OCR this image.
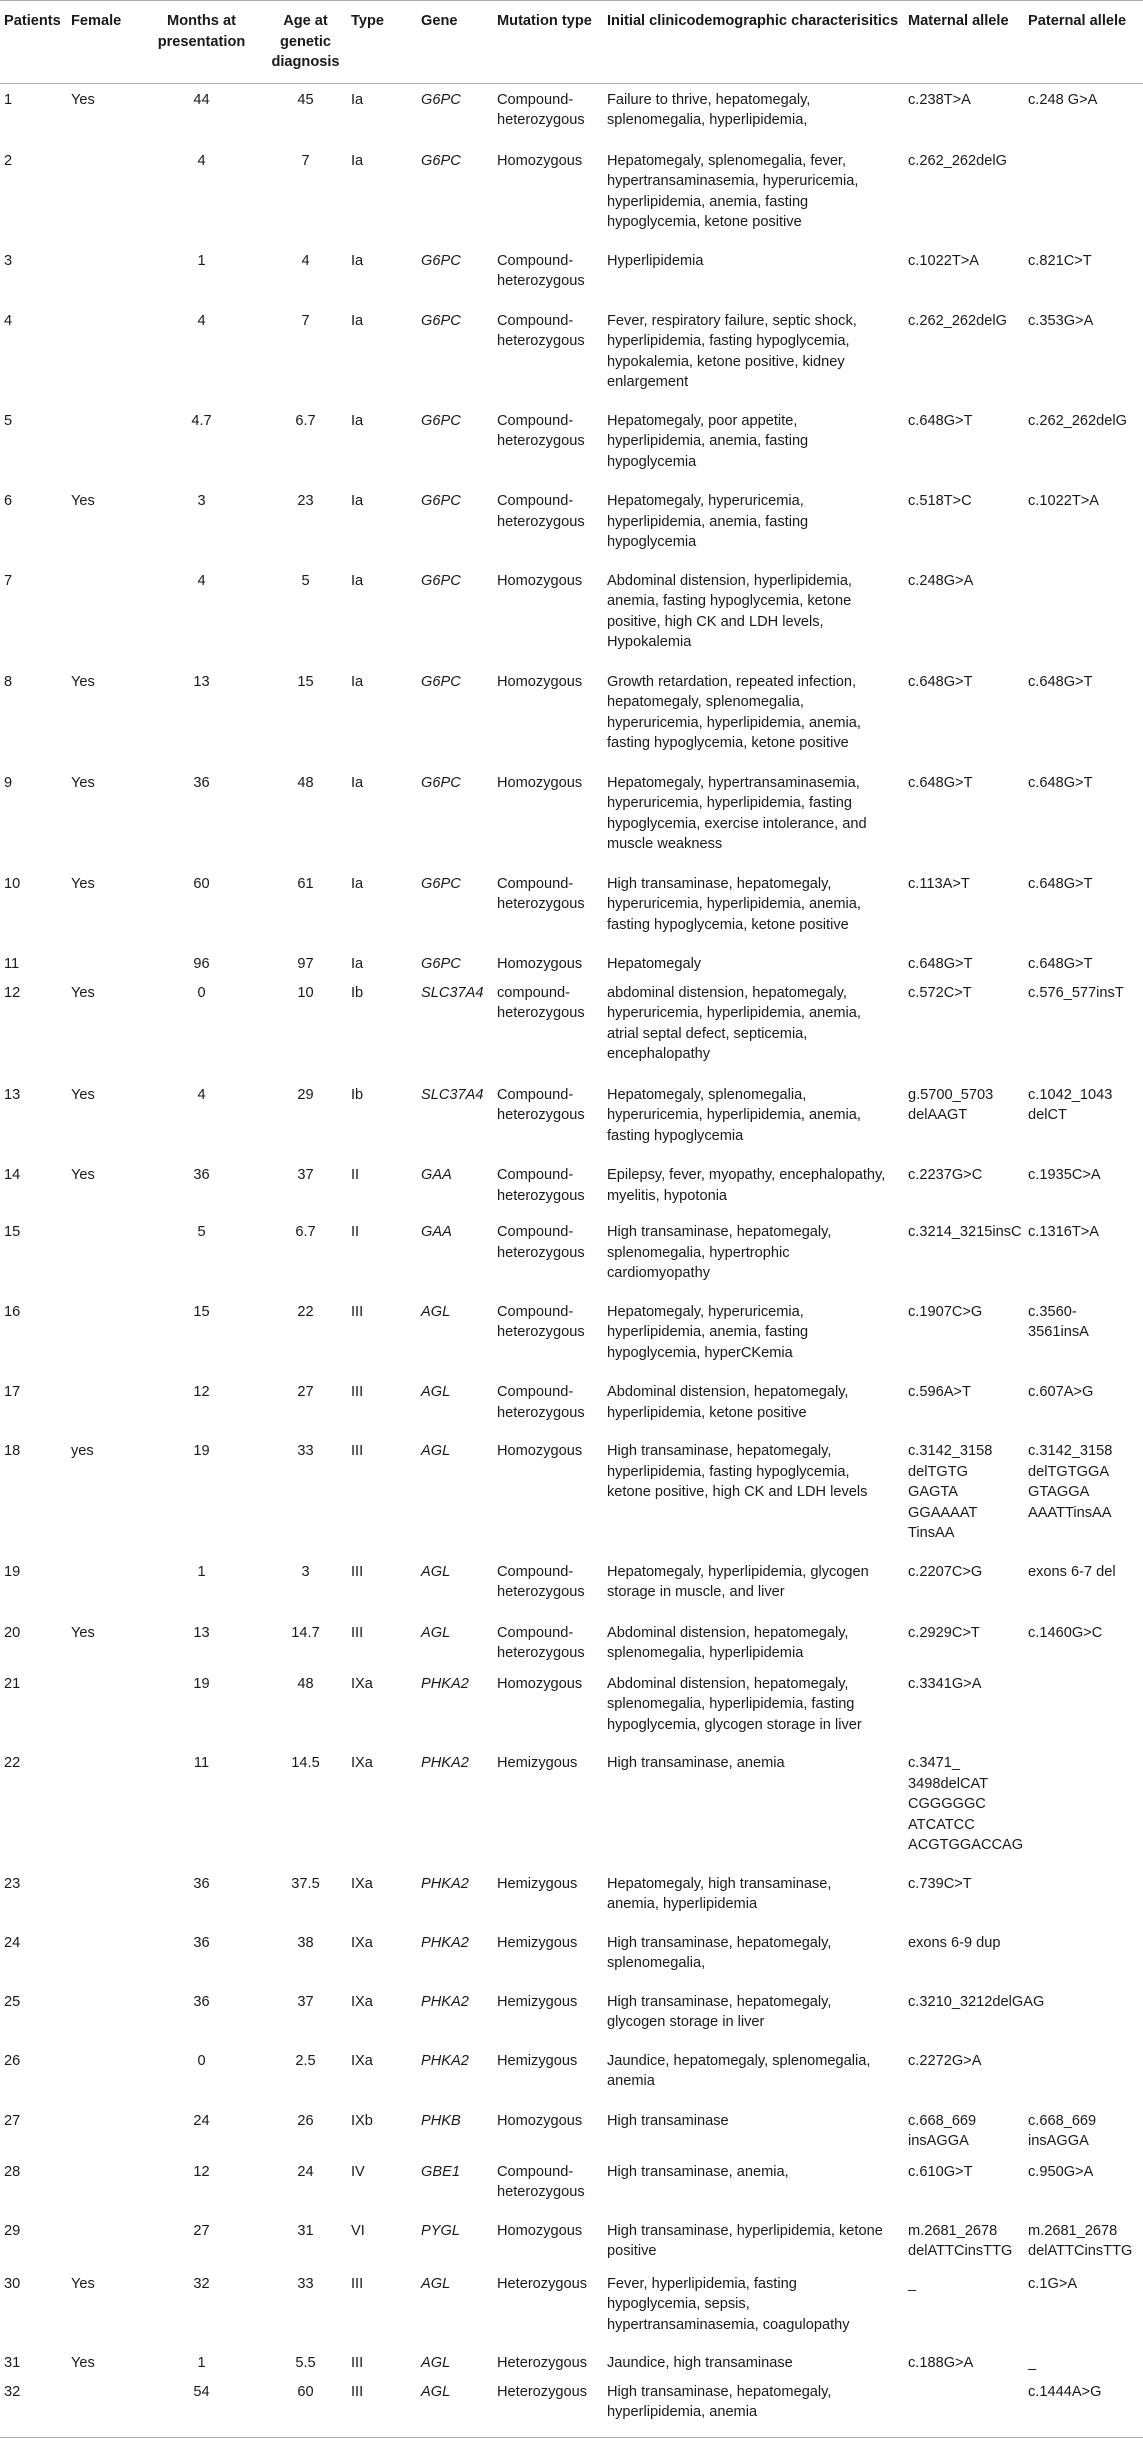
Patients	Female	Months at presentation	Age at genetic diagnosis	Type	Gene	Mutation type	Initial clinicodemographic characterisitics	Maternal allele	Paternal allele
1	Yes	44	45	Ia	G6PC	Compound-
heterozygous	Failure to thrive, hepatomegaly,
splenomegalia, hyperlipidemia,	c.238T>A	c.248 G>A
2		4	7	Ia	G6PC	Homozygous	Hepatomegaly, splenomegalia, fever,
hypertransaminasemia, hyperuricemia,
hyperlipidemia, anemia, fasting
hypoglycemia, ketone positive	c.262_262delG	
3		1	4	Ia	G6PC	Compound-
heterozygous	Hyperlipidemia	c.1022T>A	c.821C>T
4		4	7	Ia	G6PC	Compound-
heterozygous	Fever, respiratory failure, septic shock,
hyperlipidemia, fasting hypoglycemia,
hypokalemia, ketone positive, kidney
enlargement	c.262_262delG	c.353G>A
5		4.7	6.7	Ia	G6PC	Compound-
heterozygous	Hepatomegaly, poor appetite,
hyperlipidemia, anemia, fasting
hypoglycemia	c.648G>T	c.262_262delG
6	Yes	3	23	Ia	G6PC	Compound-
heterozygous	Hepatomegaly, hyperuricemia,
hyperlipidemia, anemia, fasting
hypoglycemia	c.518T>C	c.1022T>A
7		4	5	Ia	G6PC	Homozygous	Abdominal distension, hyperlipidemia,
anemia, fasting hypoglycemia, ketone
positive, high CK and LDH levels,
Hypokalemia	c.248G>A	
8	Yes	13	15	Ia	G6PC	Homozygous	Growth retardation, repeated infection,
hepatomegaly, splenomegalia,
hyperuricemia, hyperlipidemia, anemia,
fasting hypoglycemia, ketone positive	c.648G>T	c.648G>T
9	Yes	36	48	Ia	G6PC	Homozygous	Hepatomegaly, hypertransaminasemia,
hyperuricemia, hyperlipidemia, fasting
hypoglycemia, exercise intolerance, and
muscle weakness	c.648G>T	c.648G>T
10	Yes	60	61	Ia	G6PC	Compound-
heterozygous	High transaminase, hepatomegaly,
hyperuricemia, hyperlipidemia, anemia,
fasting hypoglycemia, ketone positive	c.113A>T	c.648G>T
11		96	97	Ia	G6PC	Homozygous	Hepatomegaly	c.648G>T	c.648G>T
12	Yes	0	10	Ib	SLC37A4	compound-
heterozygous	abdominal distension, hepatomegaly,
hyperuricemia, hyperlipidemia, anemia,
atrial septal defect, septicemia,
encephalopathy	c.572C>T	c.576_577insT
13	Yes	4	29	Ib	SLC37A4	Compound-
heterozygous	Hepatomegaly, splenomegalia,
hyperuricemia, hyperlipidemia, anemia,
fasting hypoglycemia	g.5700_5703
delAAGT	c.1042_1043
delCT
14	Yes	36	37	II	GAA	Compound-
heterozygous	Epilepsy, fever, myopathy, encephalopathy,
myelitis, hypotonia	c.2237G>C	c.1935C>A
15		5	6.7	II	GAA	Compound-
heterozygous	High transaminase, hepatomegaly,
splenomegalia, hypertrophic
cardiomyopathy	c.3214_3215insC	c.1316T>A
16		15	22	III	AGL	Compound-
heterozygous	Hepatomegaly, hyperuricemia,
hyperlipidemia, anemia, fasting
hypoglycemia, hyperCKemia	c.1907C>G	c.3560-
3561insA
17		12	27	III	AGL	Compound-
heterozygous	Abdominal distension, hepatomegaly,
hyperlipidemia, ketone positive	c.596A>T	c.607A>G
18	yes	19	33	III	AGL	Homozygous	High transaminase, hepatomegaly,
hyperlipidemia, fasting hypoglycemia,
ketone positive, high CK and LDH levels	c.3142_3158
delTGTG
GAGTA
GGAAAAT
TinsAA	c.3142_3158
delTGTGGA
GTAGGA
AAATTinsAA
19		1	3	III	AGL	Compound-
heterozygous	Hepatomegaly, hyperlipidemia, glycogen
storage in muscle, and liver	c.2207C>G	exons 6-7 del
20	Yes	13	14.7	III	AGL	Compound-
heterozygous	Abdominal distension, hepatomegaly,
splenomegalia, hyperlipidemia	c.2929C>T	c.1460G>C
21		19	48	IXa	PHKA2	Homozygous	Abdominal distension, hepatomegaly,
splenomegalia, hyperlipidemia, fasting
hypoglycemia, glycogen storage in liver	c.3341G>A	
22		11	14.5	IXa	PHKA2	Hemizygous	High transaminase, anemia	c.3471_
3498delCAT
CGGGGGC
ATCATCC
ACGTGGACCAG	
23		36	37.5	IXa	PHKA2	Hemizygous	Hepatomegaly, high transaminase,
anemia, hyperlipidemia	c.739C>T	
24		36	38	IXa	PHKA2	Hemizygous	High transaminase, hepatomegaly,
splenomegalia,	exons 6-9 dup	
25		36	37	IXa	PHKA2	Hemizygous	High transaminase, hepatomegaly,
glycogen storage in liver	c.3210_3212delGAG	
26		0	2.5	IXa	PHKA2	Hemizygous	Jaundice, hepatomegaly, splenomegalia,
anemia	c.2272G>A	
27		24	26	IXb	PHKB	Homozygous	High transaminase	c.668_669
insAGGA	c.668_669
insAGGA
28		12	24	IV	GBE1	Compound-
heterozygous	High transaminase, anemia,	c.610G>T	c.950G>A
29		27	31	VI	PYGL	Homozygous	High transaminase, hyperlipidemia, ketone
positive	m.2681_2678
delATTCinsTTG	m.2681_2678
delATTCinsTTG
30	Yes	32	33	III	AGL	Heterozygous	Fever, hyperlipidemia, fasting
hypoglycemia, sepsis,
hypertransaminasemia, coagulopathy	_	c.1G>A
31	Yes	1	5.5	III	AGL	Heterozygous	Jaundice, high transaminase	c.188G>A	_
32		54	60	III	AGL	Heterozygous	High transaminase, hepatomegaly,
hyperlipidemia, anemia		c.1444A>G
